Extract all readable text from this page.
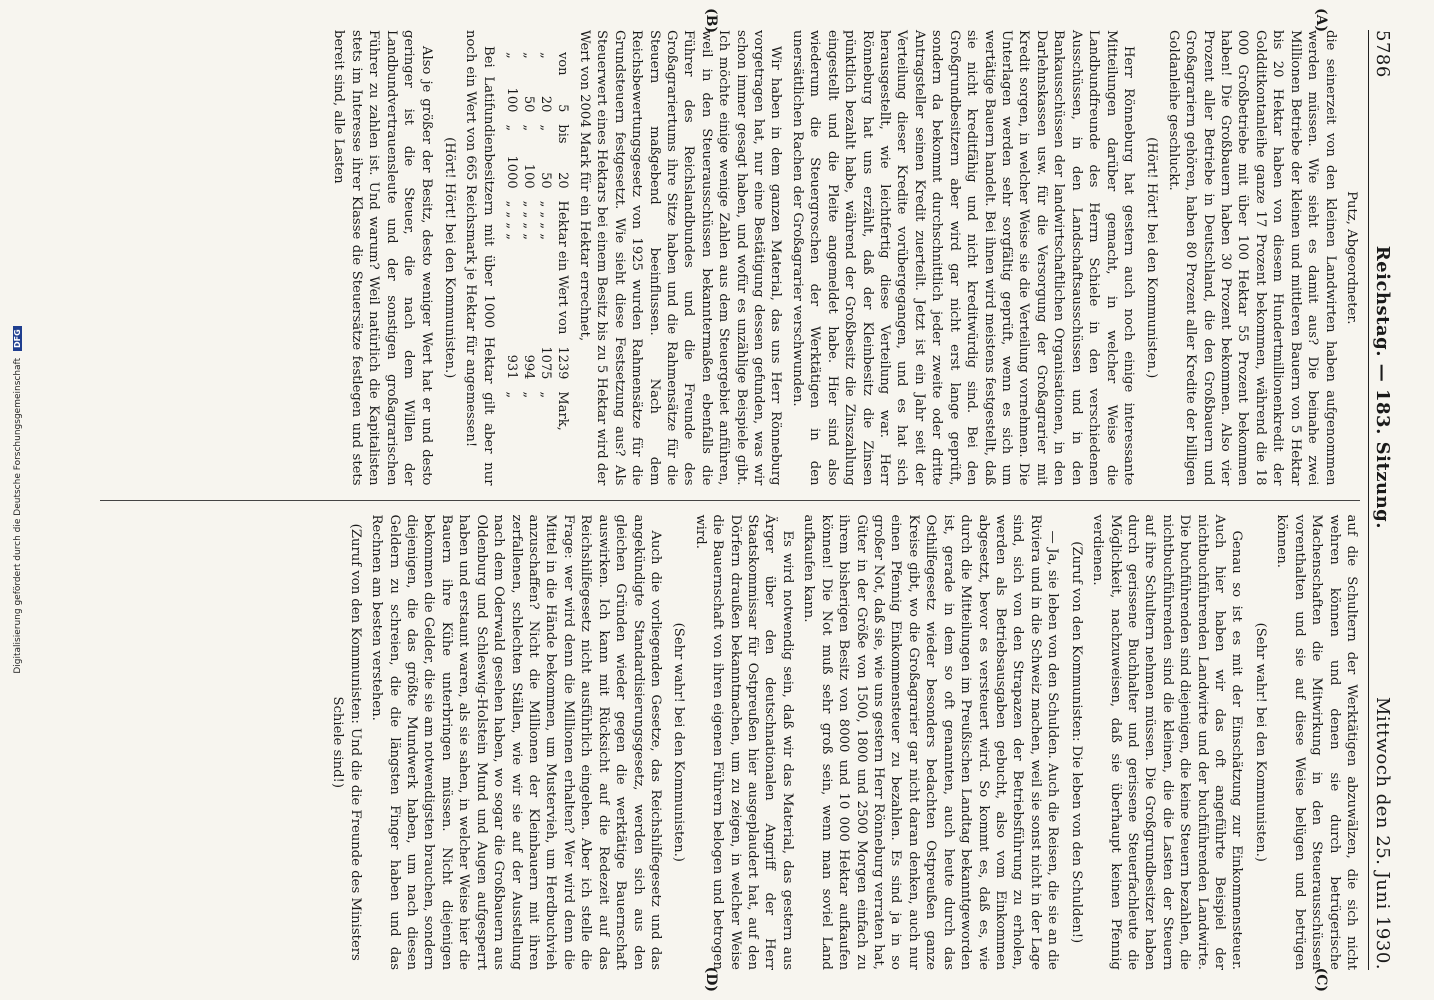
5786
Reichstag. — 183. Sitzung.
Mittwoch den 25. Juni 1930.
(A)
(B)

Putz, Abgeordneter.

die seinerzeit von den kleinen Landwirten haben aufgenommen werden müssen. Wie sieht es damit aus? Die beinahe zwei Millionen Betriebe der kleinen und mittleren Bauern von 5 Hektar bis 20 Hektar haben von diesem Hundertmillionenkredit der Goldditkontanleihe ganze 17 Prozent bekommen, während die 18 000 Großbetriebe mit über 100 Hektar 55 Prozent bekommen haben! Die Großbauern haben 30 Prozent bekommen. Also vier Prozent aller Betriebe in Deutschland, die den Großbauern und Großagrariern gehören, haben 80 Prozent aller Kredite der billigen Goldanleihe geschluckt.

(Hört! Hört! bei den Kommunisten.)

Herr Rönneburg hat gestern auch noch einige interessante Mitteilungen darüber gemacht, in welcher Weise die Landbundfreunde des Herrn Schiele in den verschiedenen Ausschüssen, in den Landschaftsausschüssen und in den Bankausschüssen der landwirtschaftlichen Organisationen, in den Darlehnskassen usw. für die Versorgung der Großagrarier mit Kredit sorgen, in welcher Weise sie die Verteilung vornehmen. Die Unterlagen werden sehr sorgfältig geprüft, wenn es sich um wertätige Bauern handelt. Bei ihnen wird meistens festgestellt, daß sie nicht kreditfähig und nicht kreditwürdig sind. Bei den Großgrundbesitzern aber wird gar nicht erst lange geprüft, sondern da bekommt durchschnittlich jeder zweite oder dritte Antragsteller seinen Kredit zuerteilt. Jetzt ist ein Jahr seit der Verteilung dieser Kredite vorübergegangen, und es hat sich herausgestellt, wie leichtfertig diese Verteilung war. Herr Rönneburg hat uns erzählt, daß der Kleinbesitz die Zinsen pünktlich bezahlt habe, während der Großbesitz die Zinszahlung eingestellt und die Pleite angemeldet habe. Hier sind also wiederum die Steuergroschen der Werktätigen in den unersättlichen Rachen der Großagrarier verschwunden.

Wir haben in dem ganzen Material, das uns Herr Rönneburg vorgetragen hat, nur eine Bestätigung dessen gefunden, was wir schon immer gesagt haben, und wofür es unzählige Beispiele gibt. Ich möchte einige wenige Zahlen aus dem Steuergebiet anführen, weil in den Steuerausschüssen bekanntermaßen ebenfalls die Führer des Reichslandbundes und die Freunde des Großagrariertums ihre Sitze haben und die Rahmensätze für die Steuern maßgebend beeinflussen. Nach dem Reichsbewertungsgesetz von 1925 wurden Rahmensätze für die Grundsteuern festgesetzt. Wie sieht diese Festsetzung aus? Als Steuerwert eines Hektars bei einem Besitz bis zu 5 Hektar wird der Wert von 2004 Mark für ein Hektar errechnet,

von	5	bis	20	Hektar ein Wert von	1239	Mark,
„	20	„	50	„ „ „ „	1075	„
„	50	„	100	„ „ „ „	994	„
„	100	„	1000	„ „ „ „	931	„

Bei Latifundienbesitzern mit über 1000 Hektar gilt aber nur noch ein Wert von 665 Reichsmark je Hektar für angemessen!

(Hört! Hört! bei den Kommunisten.)

Also je größer der Besitz, desto weniger Wert hat er und desto geringer ist die Steuer, die nach dem Willen der Landbundvertrauensleute und der sonstigen großagrarischen Führer zu zahlen ist. Und warum? Weil natürlich die Kapitalisten stets im Interesse ihrer Klasse die Steuersätze festlegen und stets bereit sind, alle Lasten

(C)
(D)

auf die Schultern der Werktätigen abzuwälzen, die sich nicht wehren können und denen sie durch betrügerische Machenschaften die Mitwirkung in den Steuerausschüssen vorenthalten und sie auf diese Weise belügen und betrügen können.

(Sehr wahr! bei den Kommunisten.)

Genau so ist es mit der Einschätzung zur Einkommensteuer. Auch hier haben wir das oft angeführte Beispiel der nichtbuchführenden Landwirte und der buchführenden Landwirte. Die buchführenden sind diejenigen, die keine Steuern bezahlen, die nichtbuchführenden sind die kleinen, die die Lasten der Steuern auf ihre Schultern nehmen müssen. Die Großgrundbesitzer haben durch gerissene Buchhalter und gerissene Steuerfachleute die Möglichkeit, nachzuweisen, daß sie überhaupt keinen Pfennig verdienen.

(Zuruf von den Kommunisten: Die leben von den Schulden!)

— Ja, sie leben von den Schulden. Auch die Reisen, die sie an die Riviera und in die Schweiz machen, weil sie sonst nicht in der Lage sind, sich von den Strapazen der Betriebsführung zu erholen, werden als Betriebsausgaben gebucht, also vom Einkommen abgesetzt, bevor es versteuert wird. So kommt es, daß es, wie durch die Mitteilungen im Preußischen Landtag bekanntgeworden ist, gerade in dem so oft genannten, auch heute durch das Osthilfegesetz wieder besonders bedachten Ostpreußen ganze Kreise gibt, wo die Großagrarier gar nicht daran denken, auch nur einen Pfennig Einkommensteuer zu bezahlen. Es sind ja in so großer Not, daß sie, wie uns gestern Herr Rönneburg verraten hat, Güter in der Größe von 1500, 1800 und 2500 Morgen einfach zu ihrem bisherigen Besitz von 8000 und 10 000 Hektar aufkaufen können! Die Not muß sehr groß sein, wenn man soviel Land aufkaufen kann.

Es wird notwendig sein, daß wir das Material, das gestern aus Ärger über den deutschnationalen Angriff der Herr Staatskommissar für Ostpreußen hier ausgeplaudert hat, auf den Dörfern draußen bekanntmachen, um zu zeigen, in welcher Weise die Bauernschaft von ihren eigenen Führern belogen und betrogen wird.

(Sehr wahr! bei den Kommunisten.)

Auch die vorliegenden Gesetze, das Reichshilfegesetz und das angekündigte Standardisierungsgesetz, werden sich aus den gleichen Gründen wieder gegen die werktätige Bauernschaft auswirken. Ich kann mit Rücksicht auf die Redezeit auf das Reichshilfegesetz nicht ausführlich eingehen. Aber ich stelle die Frage: wer wird denn die Millionen erhalten? Wer wird denn die Mittel in die Hände bekommen, um Mustervieh, um Herdbuchvieh anzuschaffen? Nicht die Millionen der Kleinbauern mit ihren zerfallenen, schlechten Ställen, wie wir sie auf der Ausstellung nach dem Oderwald gesehen haben, wo sogar die Großbauern aus Oldenburg und Schleswig-Holstein Mund und Augen aufgesperrt haben und erstaunt waren, als sie sahen, in welcher Weise hier die Bauern ihre Kühe unterbringen müssen. Nicht diejenigen bekommen die Gelder, die sie am notwendigsten brauchen, sondern diejenigen, die das größte Mundwerk haben, um nach diesen Geldern zu schreien, die die längsten Finger haben und das Rechnen am besten verstehen.

(Zuruf von den Kommunisten: Und die die Freunde des Ministers Schiele sind!)
Digitalisierung gefördert durch die Deutsche Forschungsgemeinschaft DFG
